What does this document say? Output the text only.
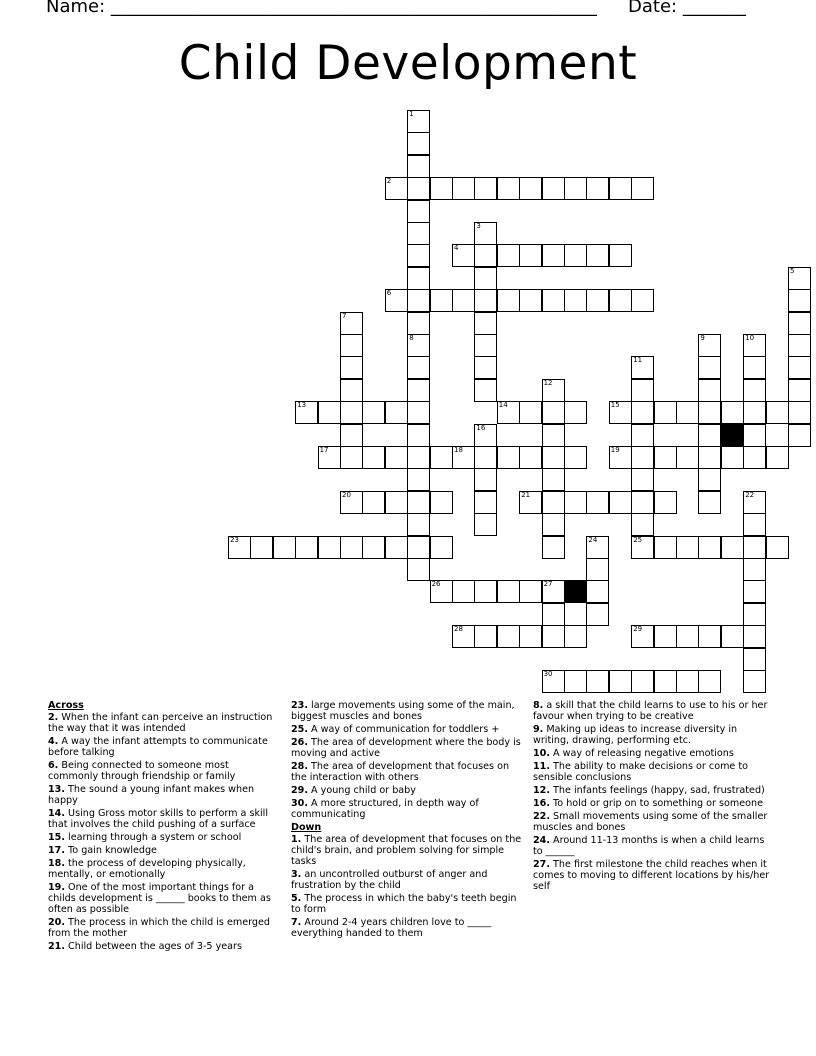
Name: ______________________________________________________ Date: _______
Child Development
1
8
2
3
4
5
6
7
9	10
11
25
12
13	14	15
16
17	18	19
20	21	22
23	24
26	27
28	29
30
Across
2. When the infant can perceive an instruction the way that it was intended
4. A way the infant attempts to communicate before talking
6. Being connected to someone most commonly through friendship or family
13. The sound a young infant makes when happy
14. Using Gross motor skills to perform a skill that involves the child pushing of a surface
15. learning through a system or school
17. To gain knowledge
18. the process of developing physically, mentally, or emotionally
19. One of the most important things for a childs development is ______ books to them as often as possible
20. The process in which the child is emerged from the mother
21. Child between the ages of 3-5 years
23. large movements using some of the main, biggest muscles and bones
25. A way of communication for toddlers +
26. The area of development where the body is moving and active
28. The area of development that focuses on the interaction with others
29. A young child or baby
30. A more structured, in depth way of communicating
Down
1. The area of development that focuses on the child's brain, and problem solving for simple tasks
3. an uncontrolled outburst of anger and frustration by the child
5. The process in which the baby's teeth begin to form
7. Around 2-4 years children love to _____ everything handed to them
8. a skill that the child learns to use to his or her favour when trying to be creative
9. Making up ideas to increase diversity in writing, drawing, performing etc.
10. A way of releasing negative emotions
11. The ability to make decisions or come to sensible conclusions
12. The infants feelings (happy, sad, frustrated)
16. To hold or grip on to something or someone
22. Small movements using some of the smaller muscles and bones
24. Around 11-13 months is when a child learns to ______
27. The first milestone the child reaches when it comes to moving to different locations by his/her self
